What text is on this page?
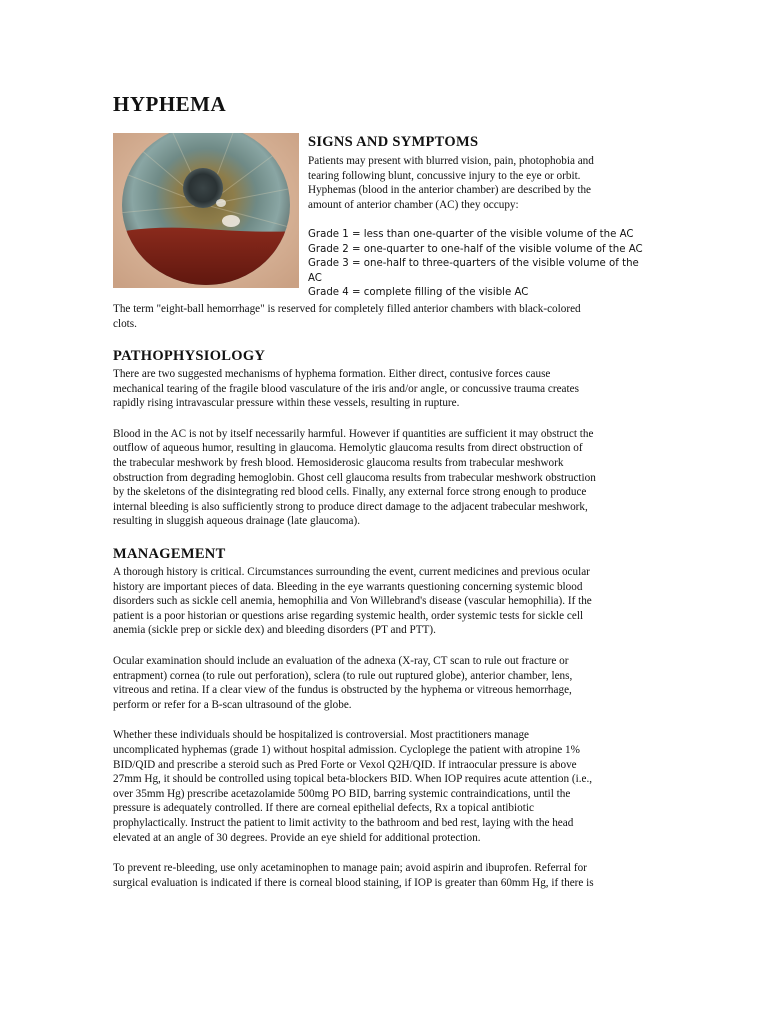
HYPHEMA
SIGNS AND SYMPTOMS
Patients may present with blurred vision, pain, photophobia and
tearing following blunt, concussive injury to the eye or orbit.
Hyphemas (blood in the anterior chamber) are described by the
amount of anterior chamber (AC) they occupy:
Grade 1 = less than one-quarter of the visible volume of the AC
Grade 2 = one-quarter to one-half of the visible volume of the AC
Grade 3 = one-half to three-quarters of the visible volume of the AC
Grade 4 = complete filling of the visible AC
The term "eight-ball hemorrhage" is reserved for completely filled anterior chambers with black-colored
clots.
PATHOPHYSIOLOGY
There are two suggested mechanisms of hyphema formation. Either direct, contusive forces cause
mechanical tearing of the fragile blood vasculature of the iris and/or angle, or concussive trauma creates
rapidly rising intravascular pressure within these vessels, resulting in rupture.
Blood in the AC is not by itself necessarily harmful. However if quantities are sufficient it may obstruct the
outflow of aqueous humor, resulting in glaucoma. Hemolytic glaucoma results from direct obstruction of
the trabecular meshwork by fresh blood. Hemosiderosic glaucoma results from trabecular meshwork
obstruction from degrading hemoglobin. Ghost cell glaucoma results from trabecular meshwork obstruction
by the skeletons of the disintegrating red blood cells. Finally, any external force strong enough to produce
internal bleeding is also sufficiently strong to produce direct damage to the adjacent trabecular meshwork,
resulting in sluggish aqueous drainage (late glaucoma).
MANAGEMENT
A thorough history is critical. Circumstances surrounding the event, current medicines and previous ocular
history are important pieces of data. Bleeding in the eye warrants questioning concerning systemic blood
disorders such as sickle cell anemia, hemophilia and Von Willebrand's disease (vascular hemophilia). If the
patient is a poor historian or questions arise regarding systemic health, order systemic tests for sickle cell
anemia (sickle prep or sickle dex) and bleeding disorders (PT and PTT).
Ocular examination should include an evaluation of the adnexa (X-ray, CT scan to rule out fracture or
entrapment) cornea (to rule out perforation), sclera (to rule out ruptured globe), anterior chamber, lens,
vitreous and retina. If a clear view of the fundus is obstructed by the hyphema or vitreous hemorrhage,
perform or refer for a B-scan ultrasound of the globe.
Whether these individuals should be hospitalized is controversial. Most practitioners manage
uncomplicated hyphemas (grade 1) without hospital admission. Cycloplege the patient with atropine 1%
BID/QID and prescribe a steroid such as Pred Forte or Vexol Q2H/QID. If intraocular pressure is above
27mm Hg, it should be controlled using topical beta-blockers BID. When IOP requires acute attention (i.e.,
over 35mm Hg) prescribe acetazolamide 500mg PO BID, barring systemic contraindications, until the
pressure is adequately controlled. If there are corneal epithelial defects, Rx a topical antibiotic
prophylactically. Instruct the patient to limit activity to the bathroom and bed rest, laying with the head
elevated at an angle of 30 degrees. Provide an eye shield for additional protection.
To prevent re-bleeding, use only acetaminophen to manage pain; avoid aspirin and ibuprofen. Referral for
surgical evaluation is indicated if there is corneal blood staining, if IOP is greater than 60mm Hg, if there is
